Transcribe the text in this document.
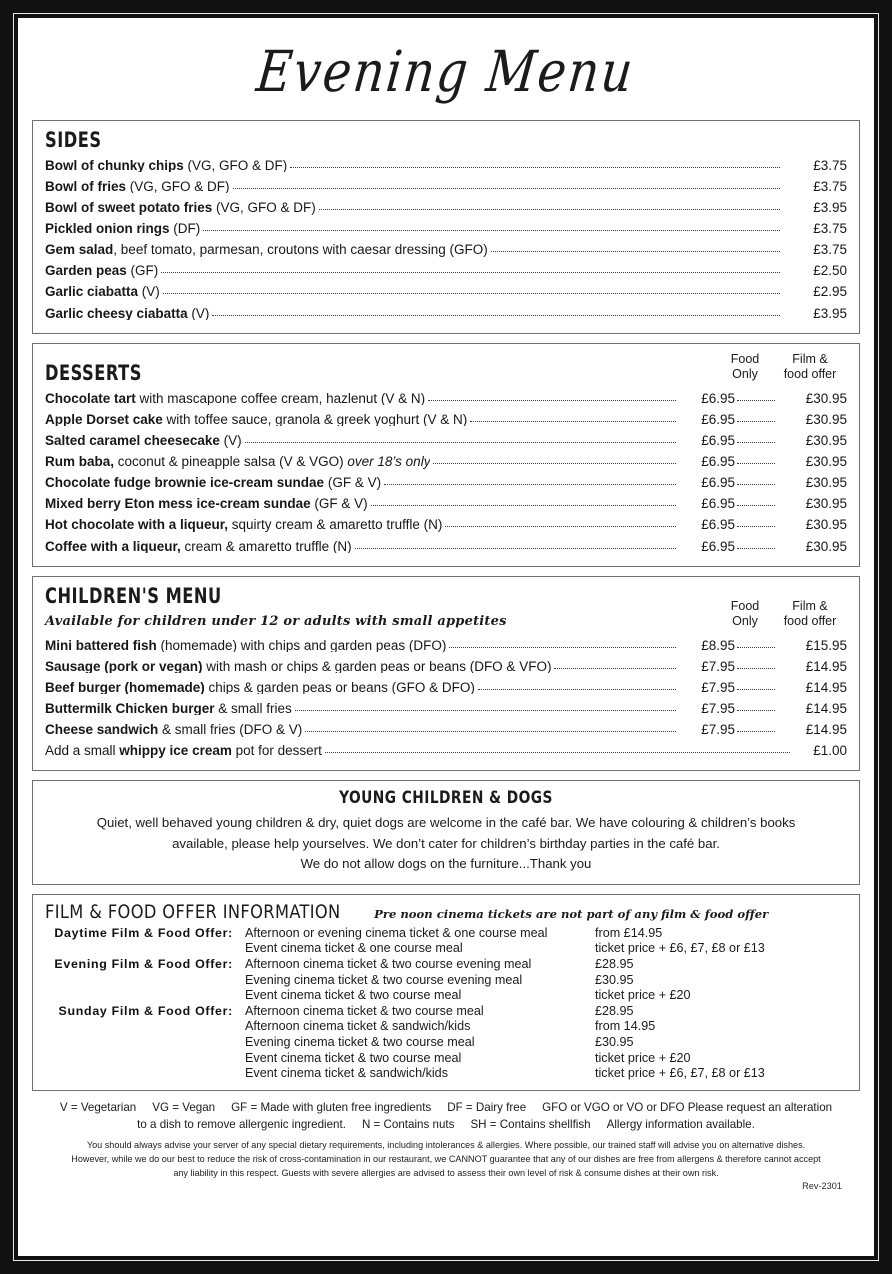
Evening Menu
SIDES
Bowl of chunky chips (VG, GFO & DF)	£3.75
Bowl of fries (VG, GFO & DF)	£3.75
Bowl of sweet potato fries (VG, GFO & DF)	£3.95
Pickled onion rings (DF)	£3.75
Gem salad, beef tomato, parmesan, croutons with caesar dressing (GFO)	£3.75
Garden peas (GF)	£2.50
Garlic ciabatta (V)	£2.95
Garlic cheesy ciabatta (V)	£3.95
DESSERTS
Food
Only
Film &
food offer
Chocolate tart with mascapone coffee cream, hazlenut (V & N)	£6.95	£30.95
Apple Dorset cake with toffee sauce, granola & greek yoghurt (V & N)	£6.95	£30.95
Salted caramel cheesecake (V)	£6.95	£30.95
Rum baba, coconut & pineapple salsa (V & VGO) over 18’s only	£6.95	£30.95
Chocolate fudge brownie ice-cream sundae (GF & V)	£6.95	£30.95
Mixed berry Eton mess ice-cream sundae (GF & V)	£6.95	£30.95
Hot chocolate with a liqueur, squirty cream & amaretto truffle (N)	£6.95	£30.95
Coffee with a liqueur, cream & amaretto truffle (N)	£6.95	£30.95
CHILDREN'S MENU
Available for children under 12 or adults with small appetites
Food
Only
Film &
food offer
Mini battered fish (homemade) with chips and garden peas (DFO)	£8.95	£15.95
Sausage (pork or vegan) with mash or chips & garden peas or beans (DFO & VFO)	£7.95	£14.95
Beef burger (homemade) chips & garden peas or beans (GFO & DFO)	£7.95	£14.95
Buttermilk Chicken burger & small fries	£7.95	£14.95
Cheese sandwich & small fries (DFO & V)	£7.95	£14.95
Add a small whippy ice cream pot for dessert	£1.00
YOUNG CHILDREN & DOGS
Quiet, well behaved young children & dry, quiet dogs are welcome in the café bar. We have colouring & children’s books
available, please help yourselves. We don’t cater for children’s birthday parties in the café bar.
We do not allow dogs on the furniture...Thank you
FILM & FOOD OFFER INFORMATION	Pre noon cinema tickets are not part of any film & food offer
Daytime Film & Food Offer: Afternoon or evening cinema ticket & one course meal	from £14.95
Event cinema ticket & one course meal	ticket price + £6, £7, £8 or £13
Evening Film & Food Offer: Afternoon cinema ticket & two course evening meal	£28.95
Evening cinema ticket & two course evening meal	£30.95
Event cinema ticket & two course meal	ticket price + £20
Sunday Film & Food Offer: Afternoon cinema ticket & two course meal	£28.95
Afternoon cinema ticket & sandwich/kids	from 14.95
Evening cinema ticket & two course meal	£30.95
Event cinema ticket & two course meal	ticket price + £20
Event cinema ticket & sandwich/kids	ticket price + £6, £7, £8 or £13
V = Vegetarian VG = Vegan GF = Made with gluten free ingredients DF = Dairy free GFO or VGO or VO or DFO Please request an alteration
to a dish to remove allergenic ingredient. N = Contains nuts SH = Contains shellfish Allergy information available.
You should always advise your server of any special dietary requirements, including intolerances & allergies. Where possible, our trained staff will advise you on alternative dishes.
However, while we do our best to reduce the risk of cross-contamination in our restaurant, we CANNOT guarantee that any of our dishes are free from allergens & therefore cannot accept
any liability in this respect. Guests with severe allergies are advised to assess their own level of risk & consume dishes at their own risk.
Rev-2301
